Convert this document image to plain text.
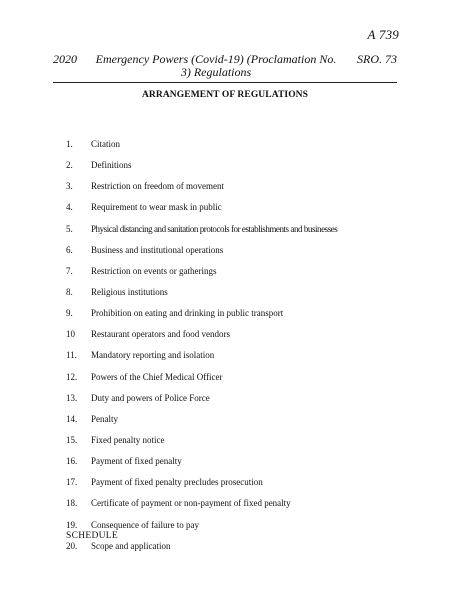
A 739
2020	Emergency Powers (Covid-19) (Proclamation No. 3) Regulations
SRO. 73
ARRANGEMENT OF REGULATIONS
1.	Citation
2.	Definitions
3.	Restriction on freedom of movement
4.	Requirement to wear mask in public
5.	Physical distancing and sanitation protocols for establishments and businesses
6.	Business and institutional operations
7.	Restriction on events or gatherings
8.	Religious institutions
9.	Prohibition on eating and drinking in public transport
10	Restaurant operators and food vendors
11.	Mandatory reporting and isolation
12.	Powers of the Chief Medical Officer
13.	Duty and powers of Police Force
14.	Penalty
15.	Fixed penalty notice
16.	Payment of fixed penalty
17.	Payment of fixed penalty precludes prosecution
18.	Certificate of payment or non-payment of fixed penalty
19.	Consequence of failure to pay
20.	Scope and application
SCHEDULE
